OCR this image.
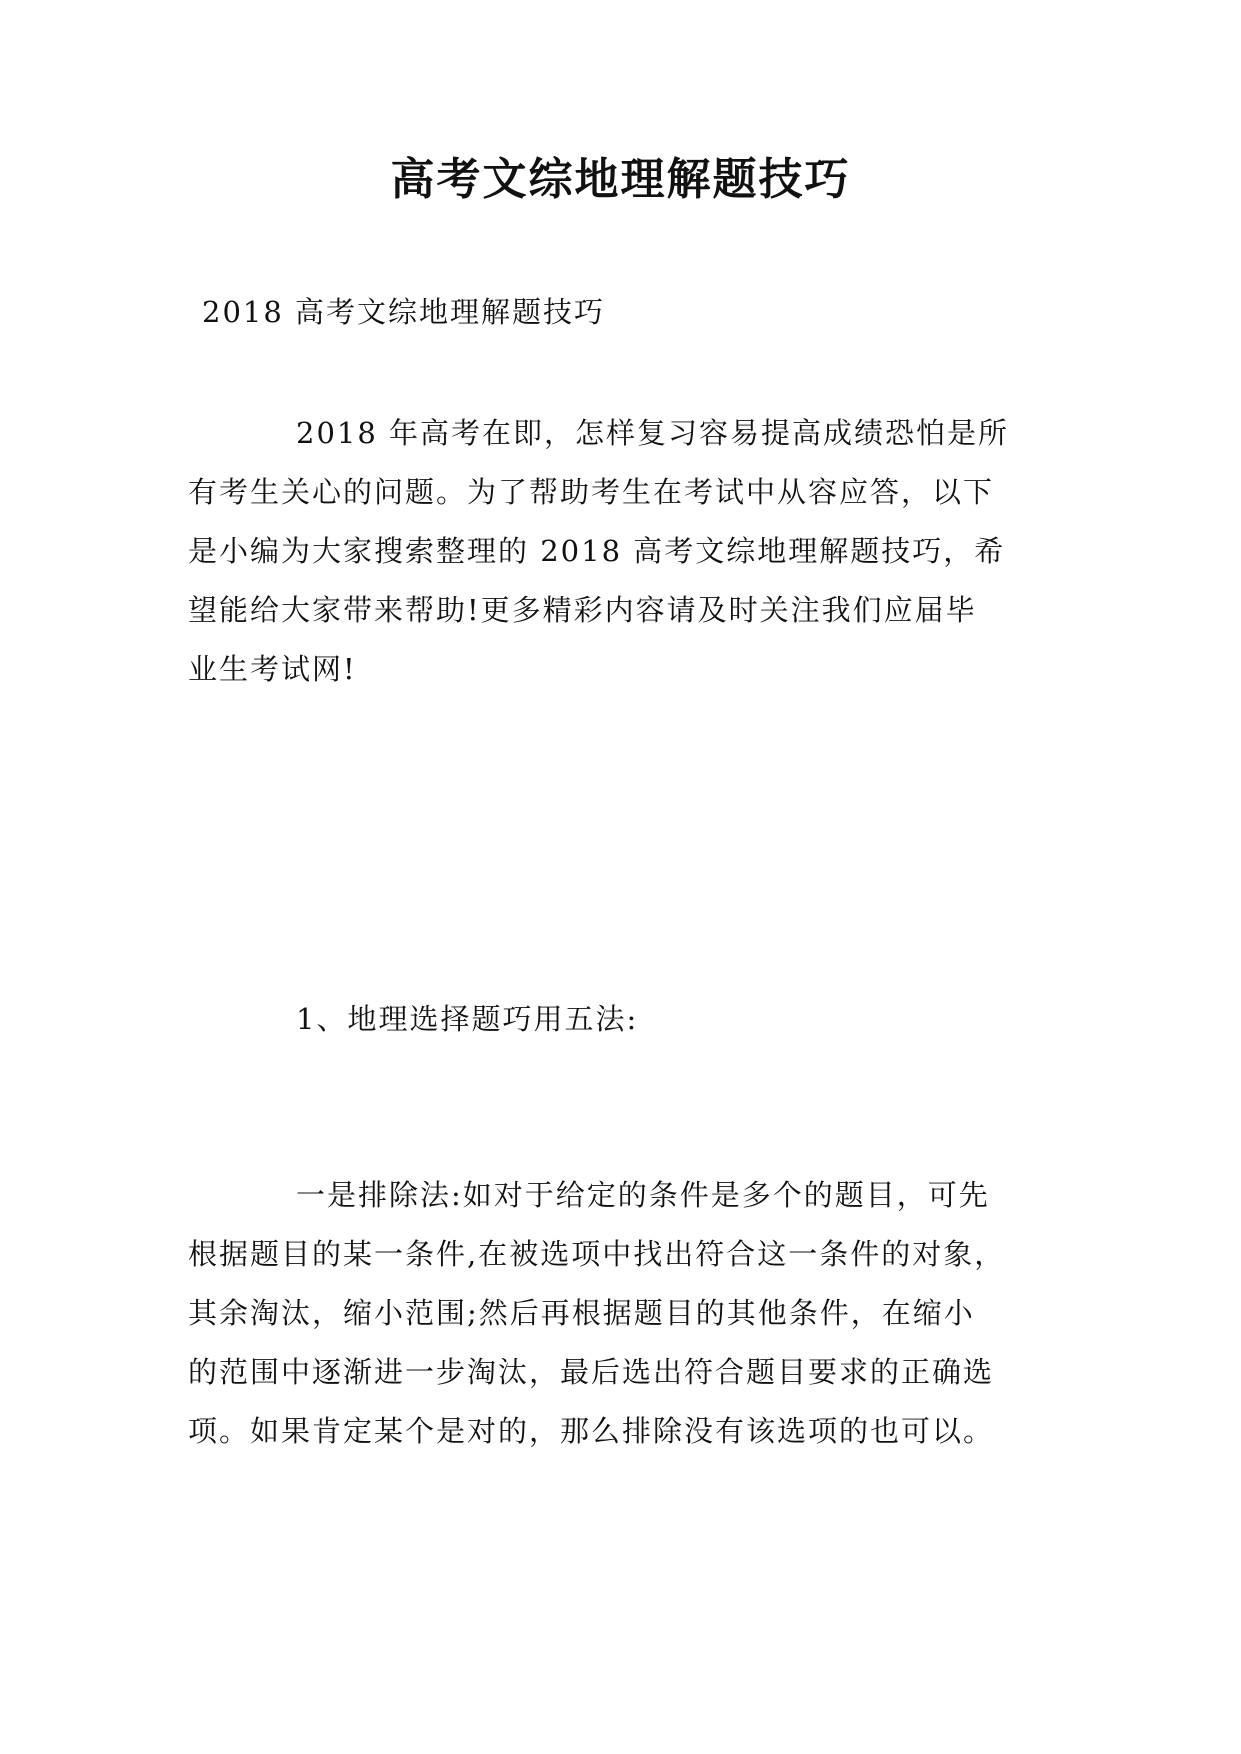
高考文综地理解题技巧
2018 高考文综地理解题技巧
2018 年高考在即，怎样复习容易提高成绩恐怕是所
有考生关心的问题。为了帮助考生在考试中从容应答，以下
是小编为大家搜索整理的 2018 高考文综地理解题技巧，希
望能给大家带来帮助!更多精彩内容请及时关注我们应届毕
业生考试网!
1、地理选择题巧用五法:
一是排除法:如对于给定的条件是多个的题目，可先
根据题目的某一条件,在被选项中找出符合这一条件的对象，
其余淘汰，缩小范围;然后再根据题目的其他条件，在缩小
的范围中逐渐进一步淘汰，最后选出符合题目要求的正确选
项。如果肯定某个是对的，那么排除没有该选项的也可以。
